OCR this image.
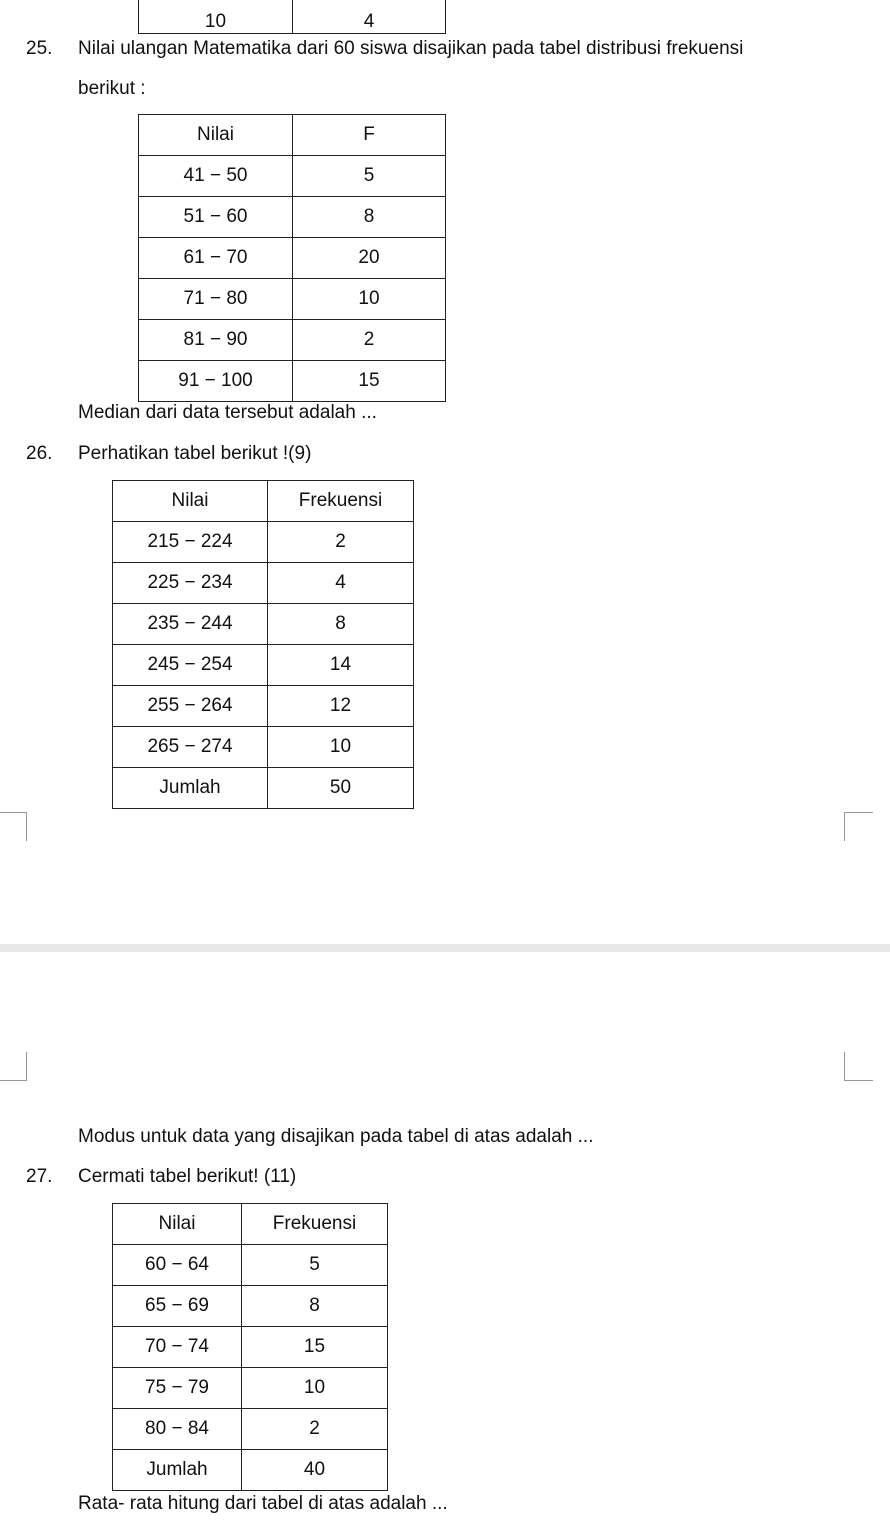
10	4
25. Nilai ulangan Matematika dari 60 siswa disajikan pada tabel distribusi frekuensi
berikut :
Nilai	F
41 − 50	5
51 − 60	8
61 − 70	20
71 − 80	10
81 − 90	2
91 − 100	15
Median dari data tersebut adalah ...
26. Perhatikan tabel berikut !(9)
Nilai	Frekuensi
215 − 224	2
225 − 234	4
235 − 244	8
245 − 254	14
255 − 264	12
265 − 274	10
Jumlah	50
Modus untuk data yang disajikan pada tabel di atas adalah ...
27. Cermati tabel berikut! (11)
Nilai	Frekuensi
60 − 64	5
65 − 69	8
70 − 74	15
75 − 79	10
80 − 84	2
Jumlah	40
Rata- rata hitung dari tabel di atas adalah ...
